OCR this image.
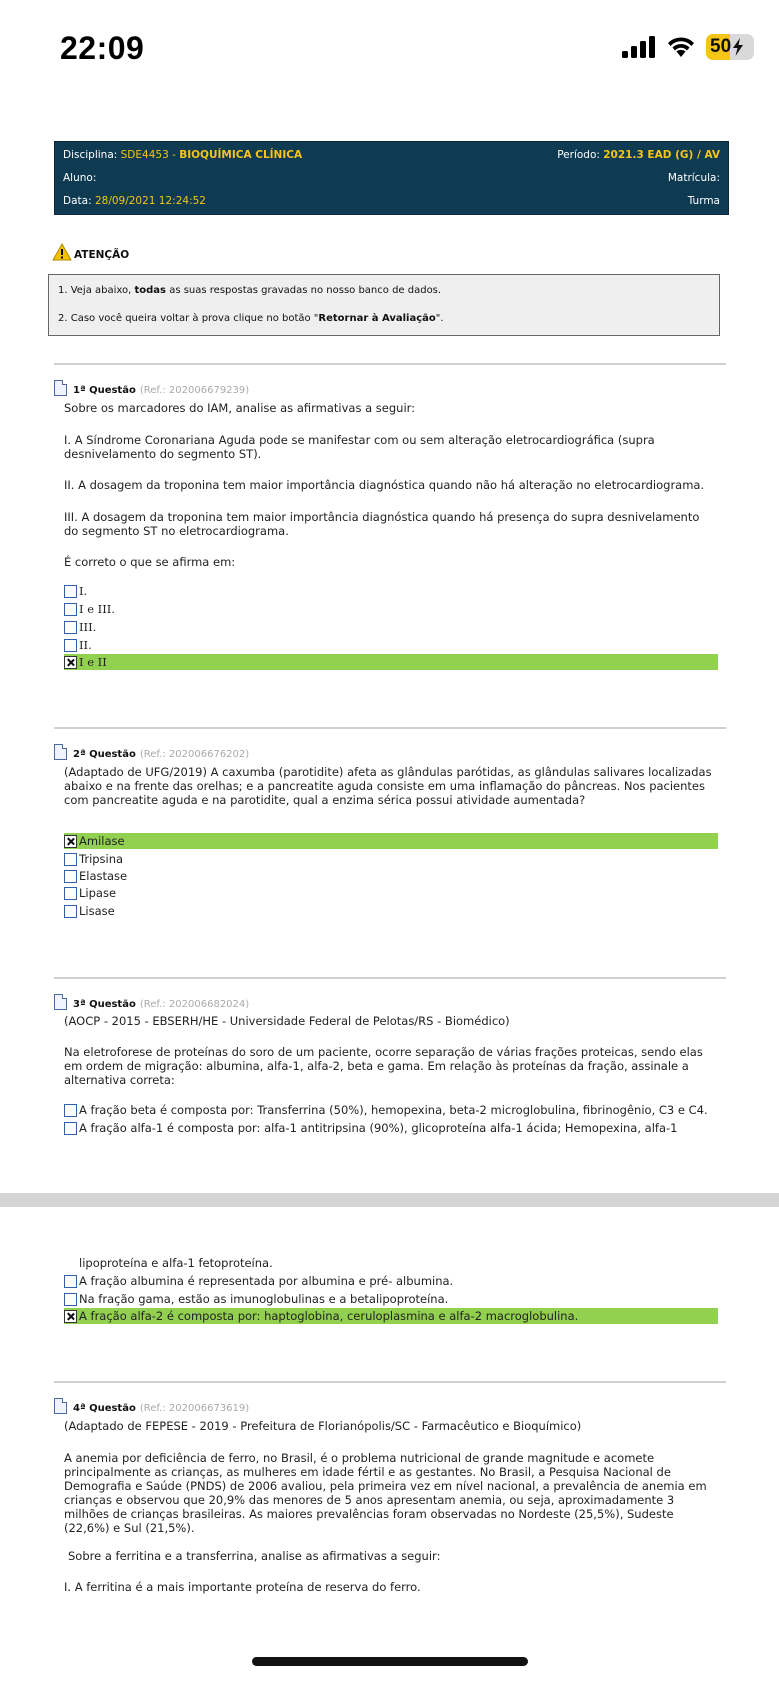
22:09	50
Disciplina: SDE4453 - BIOQUÍMICA CLÍNICA	Período: 2021.3 EAD (G) / AV
Aluno:	Matrícula:
Data: 28/09/2021 12:24:52	Turma
ATENÇÃO

1. Veja abaixo, todas as suas respostas gravadas no nosso banco de dados.

2. Caso você queira voltar à prova clique no botão "Retornar à Avaliação".

1ª Questão (Ref.: 202006679239)

Sobre os marcadores do IAM, analise as afirmativas a seguir:

I. A Síndrome Coronariana Aguda pode se manifestar com ou sem alteração eletrocardiográfica (supra desnivelamento do segmento ST).

II. A dosagem da troponina tem maior importância diagnóstica quando não há alteração no eletrocardiograma.

III. A dosagem da troponina tem maior importância diagnóstica quando há presença do supra desnivelamento do segmento ST no eletrocardiograma.

É correto o que se afirma em:

I.
I e III.
III.
II.
I e II
2ª Questão (Ref.: 202006676202)

(Adaptado de UFG/2019) A caxumba (parotidite) afeta as glândulas parótidas, as glândulas salivares localizadas abaixo e na frente das orelhas; e a pancreatite aguda consiste em uma inflamação do pâncreas. Nos pacientes com pancreatite aguda e na parotidite, qual a enzima sérica possui atividade aumentada?

Amilase
Tripsina
Elastase
Lipase
Lisase
3ª Questão (Ref.: 202006682024)

(AOCP - 2015 - EBSERH/HE - Universidade Federal de Pelotas/RS - Biomédico)

Na eletroforese de proteínas do soro de um paciente, ocorre separação de várias frações proteicas, sendo elas em ordem de migração: albumina, alfa-1, alfa-2, beta e gama. Em relação às proteínas da fração, assinale a alternativa correta:

A fração beta é composta por: Transferrina (50%), hemopexina, beta-2 microglobulina, fibrinogênio, C3 e C4.
A fração alfa-1 é composta por: alfa-1 antitripsina (90%), glicoproteína alfa-1 ácida; Hemopexina, alfa-1
lipoproteína e alfa-1 fetoproteína.
A fração albumina é representada por albumina e pré- albumina.
Na fração gama, estão as imunoglobulinas e a betalipoproteína.
A fração alfa-2 é composta por: haptoglobina, ceruloplasmina e alfa-2 macroglobulina.
4ª Questão (Ref.: 202006673619)

(Adaptado de FEPESE - 2019 - Prefeitura de Florianópolis/SC - Farmacêutico e Bioquímico)

A anemia por deficiência de ferro, no Brasil, é o problema nutricional de grande magnitude e acomete principalmente as crianças, as mulheres em idade fértil e as gestantes. No Brasil, a Pesquisa Nacional de Demografia e Saúde (PNDS) de 2006 avaliou, pela primeira vez em nível nacional, a prevalência de anemia em crianças e observou que 20,9% das menores de 5 anos apresentam anemia, ou seja, aproximadamente 3 milhões de crianças brasileiras. As maiores prevalências foram observadas no Nordeste (25,5%), Sudeste (22,6%) e Sul (21,5%).

Sobre a ferritina e a transferrina, analise as afirmativas a seguir:

I. A ferritina é a mais importante proteína de reserva do ferro.
